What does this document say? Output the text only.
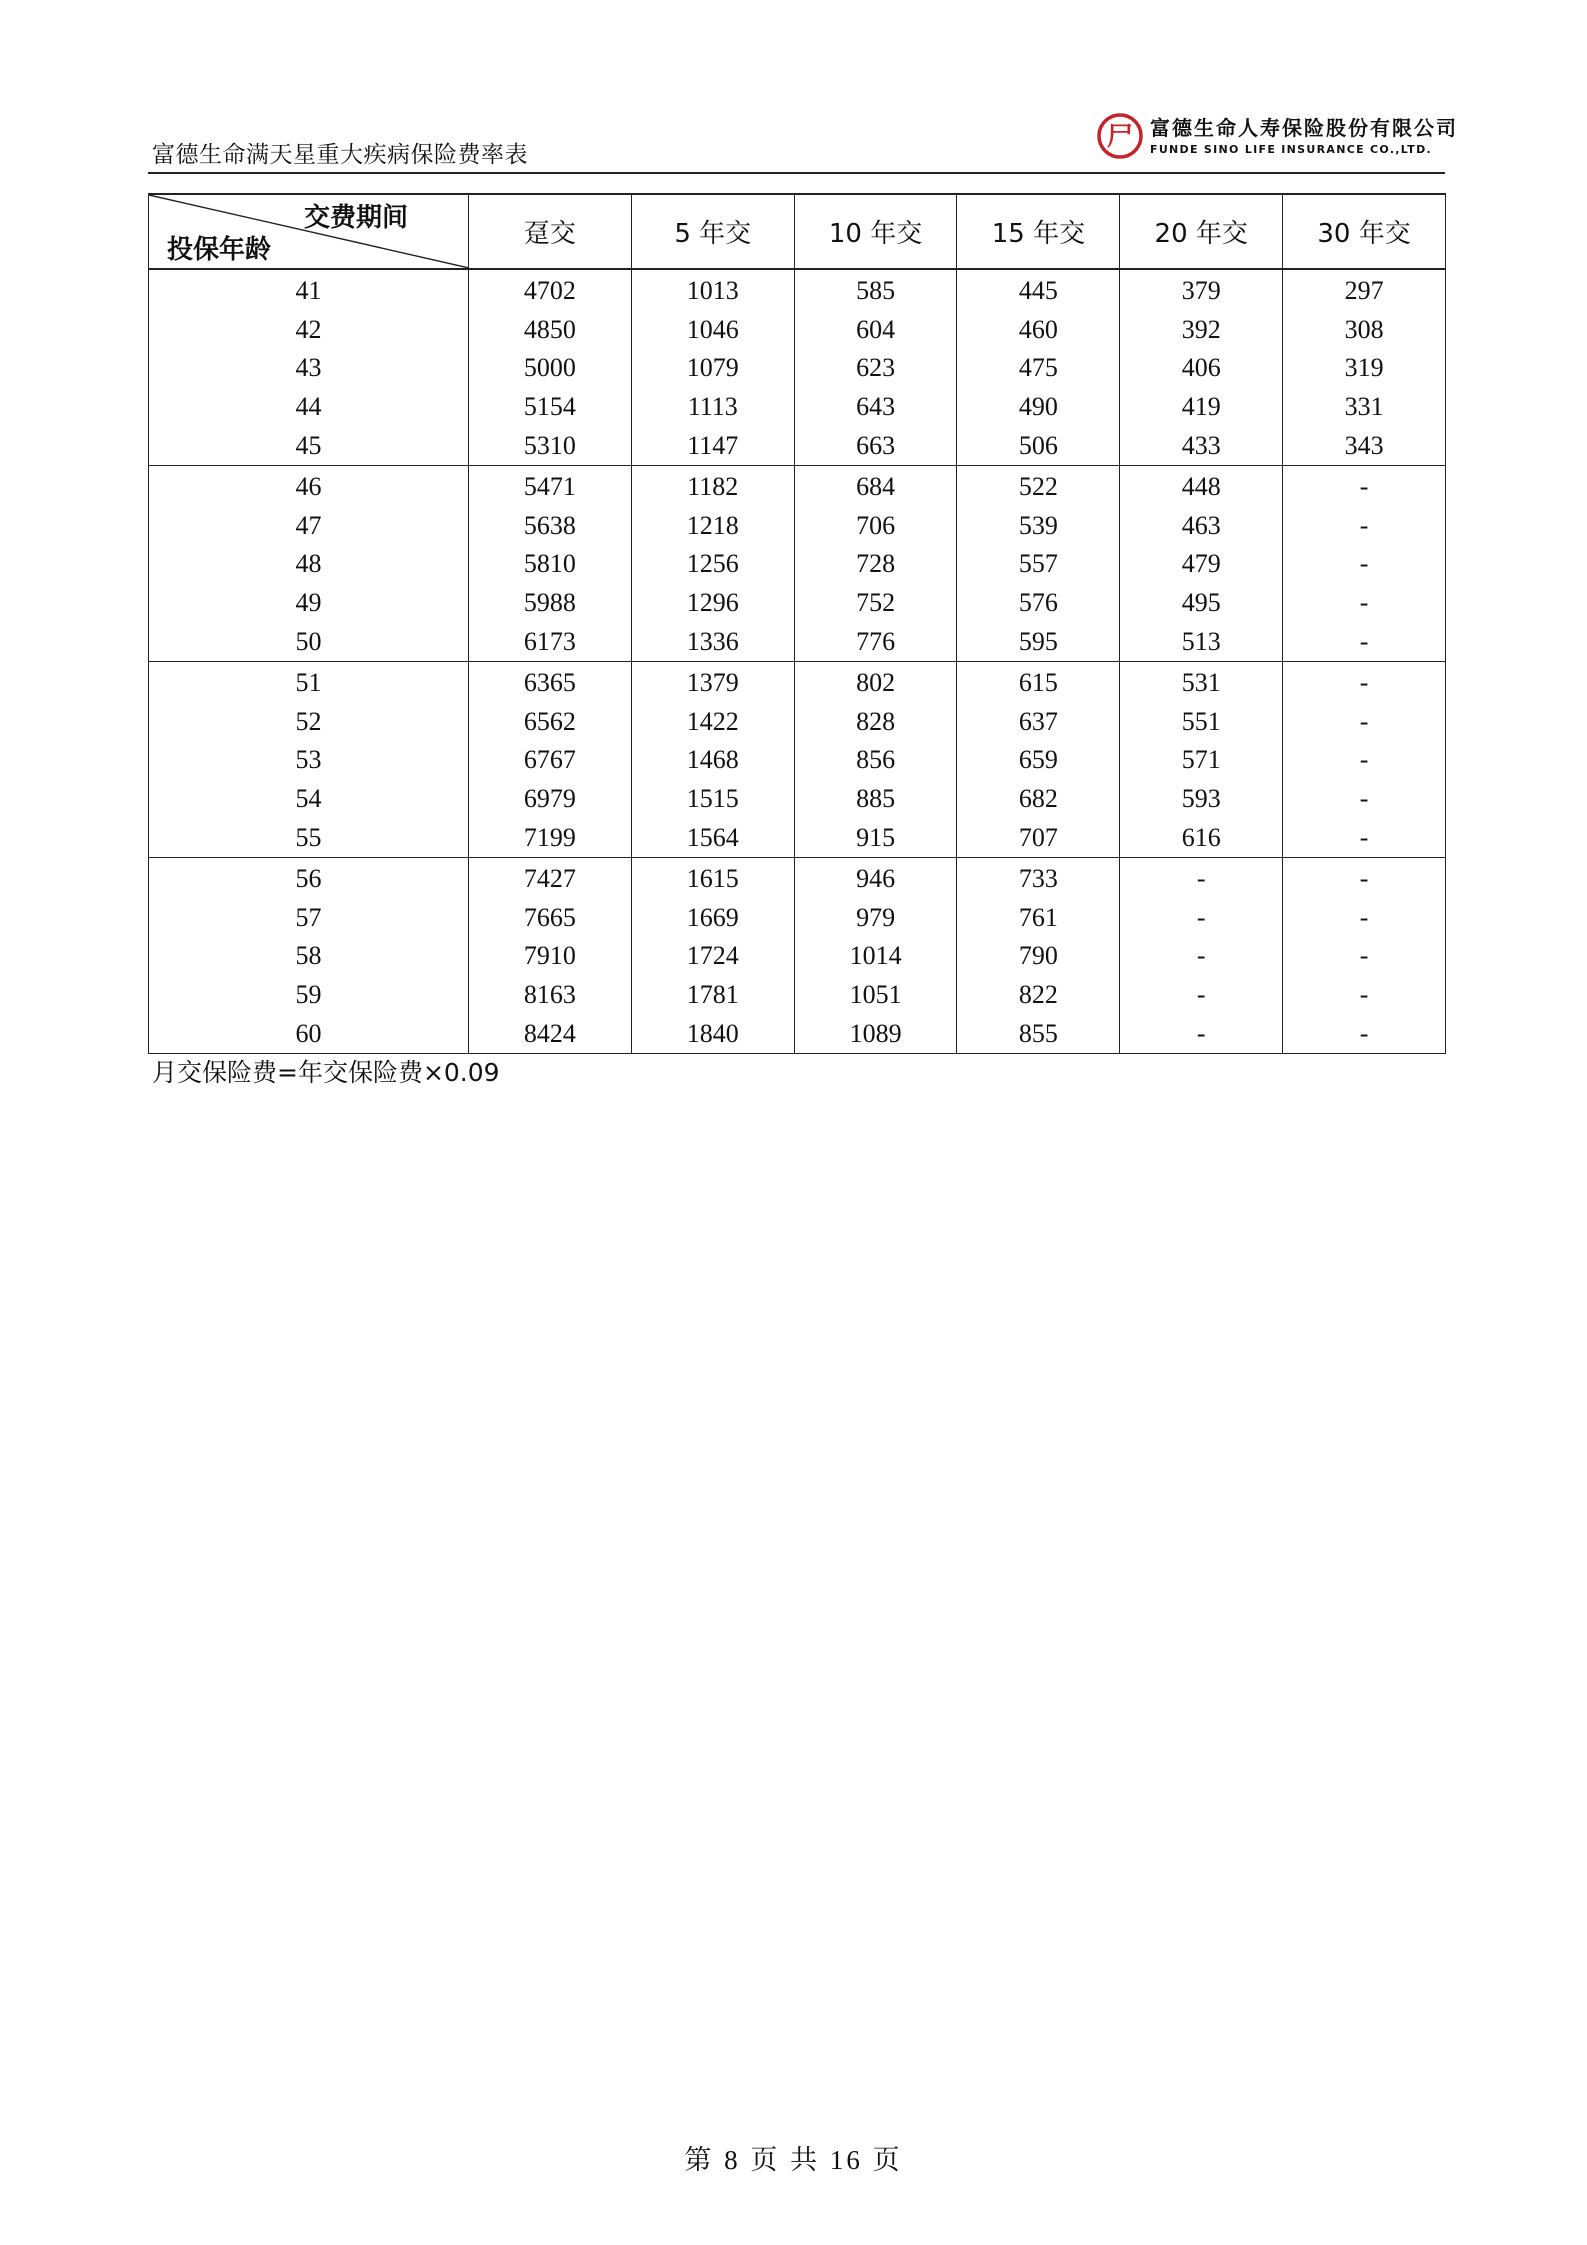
富德生命满天星重大疾病保险费率表
尸 富德生命人寿保险股份有限公司
FUNDE SINO LIFE INSURANCE CO.,LTD.
交费期间
投保年龄	趸交	5 年交	10 年交	15 年交	20 年交	30 年交
41	4702	1013	585	445	379	297
42	4850	1046	604	460	392	308
43	5000	1079	623	475	406	319
44	5154	1113	643	490	419	331
45	5310	1147	663	506	433	343
46	5471	1182	684	522	448	-
47	5638	1218	706	539	463	-
48	5810	1256	728	557	479	-
49	5988	1296	752	576	495	-
50	6173	1336	776	595	513	-
51	6365	1379	802	615	531	-
52	6562	1422	828	637	551	-
53	6767	1468	856	659	571	-
54	6979	1515	885	682	593	-
55	7199	1564	915	707	616	-
56	7427	1615	946	733	-	-
57	7665	1669	979	761	-	-
58	7910	1724	1014	790	-	-
59	8163	1781	1051	822	-	-
60	8424	1840	1089	855	-	-
月交保险费=年交保险费×0.09
第 8 页 共 16 页
